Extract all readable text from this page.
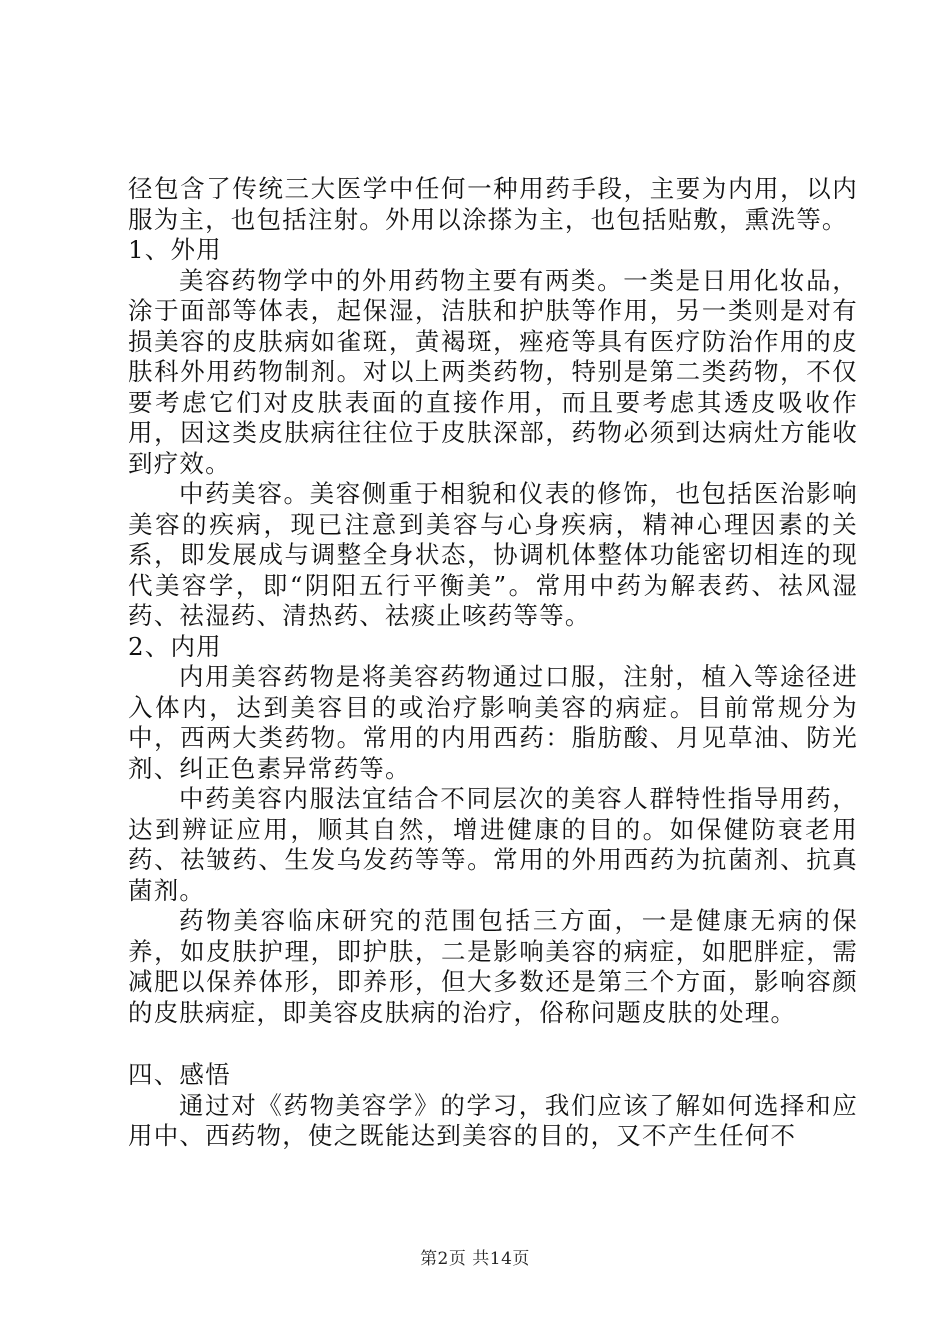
径包含了传统三大医学中任何一种用药手段，主要为内用，以内服为主，也包括注射。外用以涂搽为主，也包括贴敷，熏洗等。

1、外用

美容药物学中的外用药物主要有两类。一类是日用化妆品，涂于面部等体表，起保湿，洁肤和护肤等作用，另一类则是对有损美容的皮肤病如雀斑，黄褐斑，痤疮等具有医疗防治作用的皮肤科外用药物制剂。对以上两类药物，特别是第二类药物，不仅要考虑它们对皮肤表面的直接作用，而且要考虑其透皮吸收作用，因这类皮肤病往往位于皮肤深部，药物必须到达病灶方能收到疗效。

中药美容。美容侧重于相貌和仪表的修饰，也包括医治影响美容的疾病，现已注意到美容与心身疾病，精神心理因素的关系，即发展成与调整全身状态，协调机体整体功能密切相连的现代美容学，即“阴阳五行平衡美”。常用中药为解表药、祛风湿药、祛湿药、清热药、祛痰止咳药等等。

2、内用

内用美容药物是将美容药物通过口服，注射，植入等途径进入体内，达到美容目的或治疗影响美容的病症。目前常规分为中，西两大类药物。常用的内用西药：脂肪酸、月见草油、防光剂、纠正色素异常药等。

中药美容内服法宜结合不同层次的美容人群特性指导用药，达到辨证应用，顺其自然，增进健康的目的。如保健防衰老用药、祛皱药、生发乌发药等等。常用的外用西药为抗菌剂、抗真菌剂。

药物美容临床研究的范围包括三方面，一是健康无病的保养，如皮肤护理，即护肤，二是影响美容的病症，如肥胖症，需减肥以保养体形，即养形，但大多数还是第三个方面，影响容颜的皮肤病症，即美容皮肤病的治疗，俗称问题皮肤的处理。

四、感悟

通过对《药物美容学》的学习，我们应该了解如何选择和应用中、西药物，使之既能达到美容的目的，又不产生任何不

第2页 共14页
